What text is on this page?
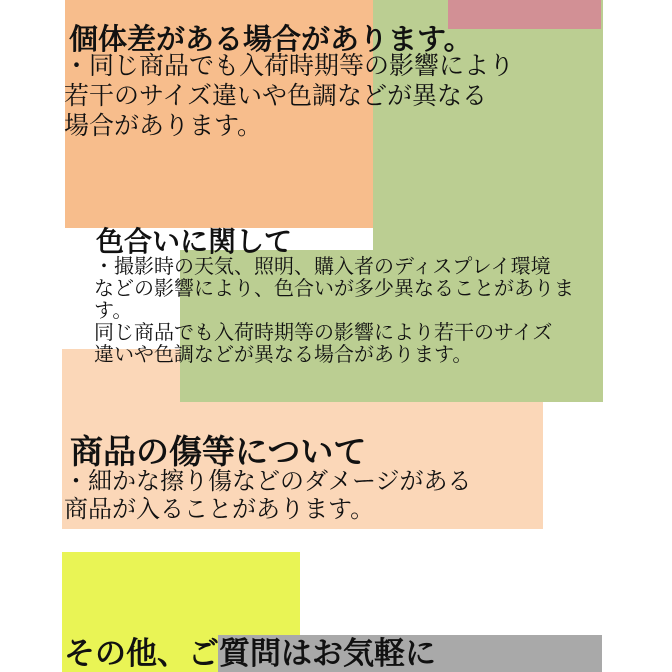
個体差がある場合があります。
・同じ商品でも入荷時期等の影響により
若干のサイズ違いや色調などが異なる
場合があります。
色合いに関して
・撮影時の天気、照明、購入者のディスプレイ環境
などの影響により、色合いが多少異なることがありま
す。
同じ商品でも入荷時期等の影響により若干のサイズ
違いや色調などが異なる場合があります。
商品の傷等について
・細かな擦り傷などのダメージがある
商品が入ることがあります。
その他、ご質問はお気軽に
